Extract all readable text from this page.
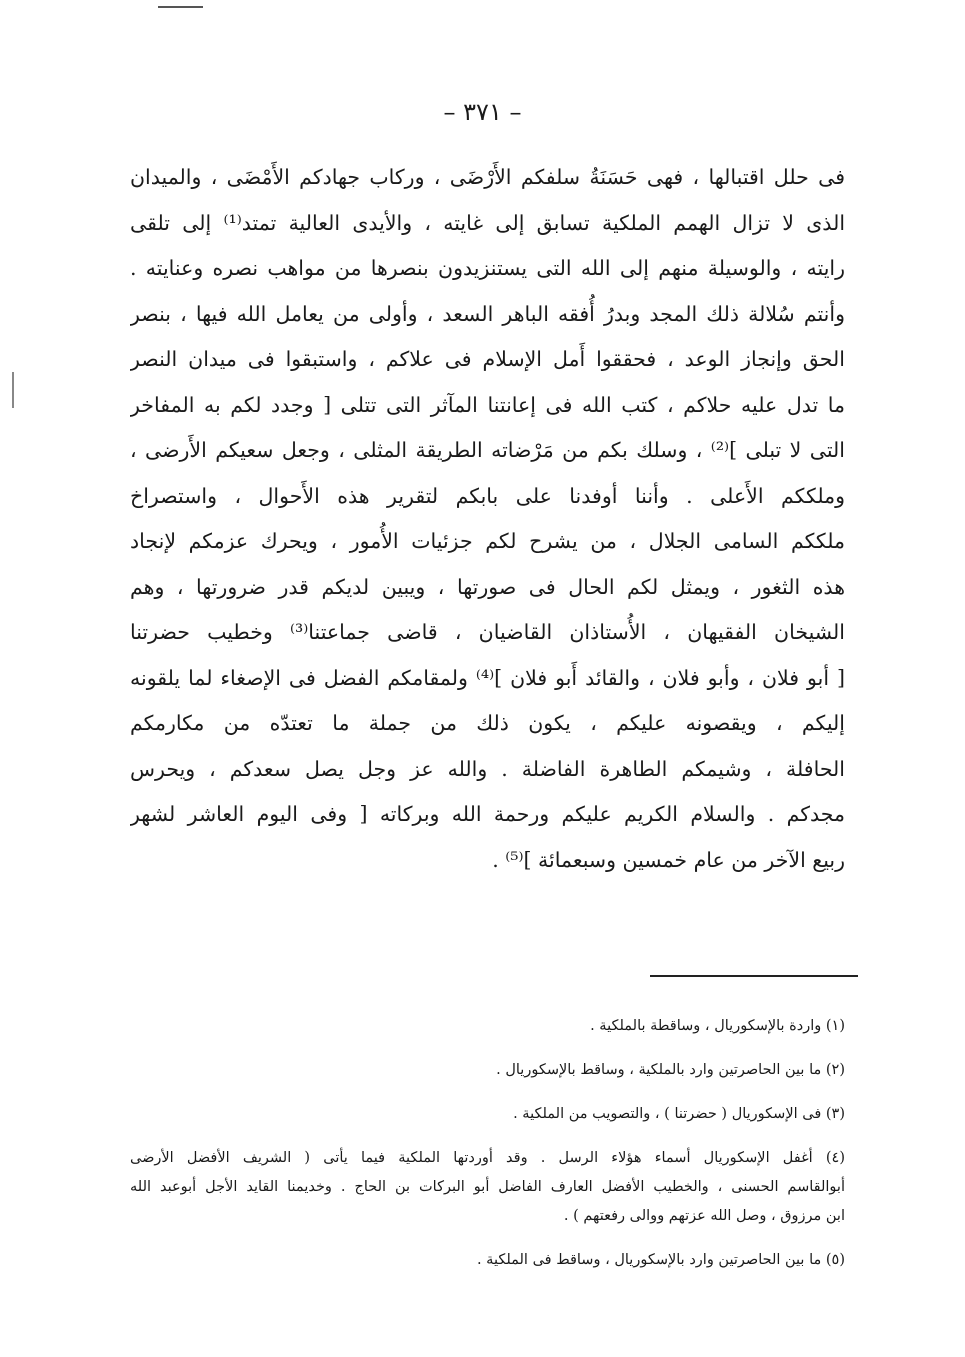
– ٣٧١ –
فى حلل اقتبالها ، فهى حَسَنَةُ سلفكم الأَرْضَى ، وركاب جهادكم الأَمْضَى ، والميدان
الذى لا تزال الهمم الملكية تسابق إلى غايته ، والأيدى العالية تمتد⁽¹⁾ إلى تلقى
رايته ، والوسيلة منهم إلى الله التى يستنزيدون بنصرها من مواهب نصره وعنايته .
وأنتم سُلالة ذلك المجد وبدرُ أُفقه الباهر السعد ، وأولى من يعامل الله فيها ، بنصر
الحق وإنجاز الوعد ، فحققوا أَمل الإسلام فى علاكم ، واستبقوا فى ميدان النصر
ما تدل عليه حلاكم ، كتب الله فى إعانتنا المآثر التى تتلى [ وجدد لكم به المفاخر
التى لا تبلى ]⁽²⁾ ، وسلك بكم من مَرْضاته الطريقة المثلى ، وجعل سعيكم الأَرضى ،
وملككم الأَعلى . وأننا أوفدنا على بابكم لتقرير هذه الأَحوال ، واستصراخ
ملككم السامى الجلال ، من يشرح لكم جزئيات الأُمور ، ويحرك عزمكم لإنجاد
هذه الثغور ، ويمثل لكم الحال فى صورتها ، ويبين لديكم قدر ضرورتها ، وهم
الشيخان الفقيهان ، الأُستاذان القاضيان ، قاضى جماعتنا⁽³⁾ وخطيب حضرتنا
[ أبو فلان ، وأبو فلان ، والقائد أَبو فلان ]⁽⁴⁾ ولمقامكم الفضل فى الإصغاء لما يلقونه
إليكم ، ويقصونه عليكم ، يكون ذلك من جملة ما تعتدّه من مكارمكم
الحافلة ، وشيمكم الطاهرة الفاضلة . والله عز وجل يصل سعدكم ، ويحرس
مجدكم . والسلام الكريم عليكم ورحمة الله وبركاته [ وفى اليوم العاشر لشهر
ربيع الآخر من عام خمسين وسبعمائة ]⁽⁵⁾ .
(١) واردة بالإسكوريال ، وساقطة بالملكية .
(٢) ما بين الحاصرتين وارد بالملكية ، وساقط بالإسكوريال .
(٣) فى الإسكوريال ( حضرتنا ) ، والتصويب من الملكية .
(٤) أغفل الإسكوريال أسماء هؤلاء الرسل . وقد أوردتها الملكية فيما يأتى ( الشريف الأفضل الأرضى
أبوالقاسم الحسنى ، والخطيب الأفضل العارف الفاضل أبو البركات بن الحاج . وخديمنا القايد الأجل أبوعبد الله
ابن مرزوق ، وصل الله عزتهم ووالى رفعتهم ) .
(٥) ما بين الحاصرتين وارد بالإسكوريال ، وساقط فى الملكية .
